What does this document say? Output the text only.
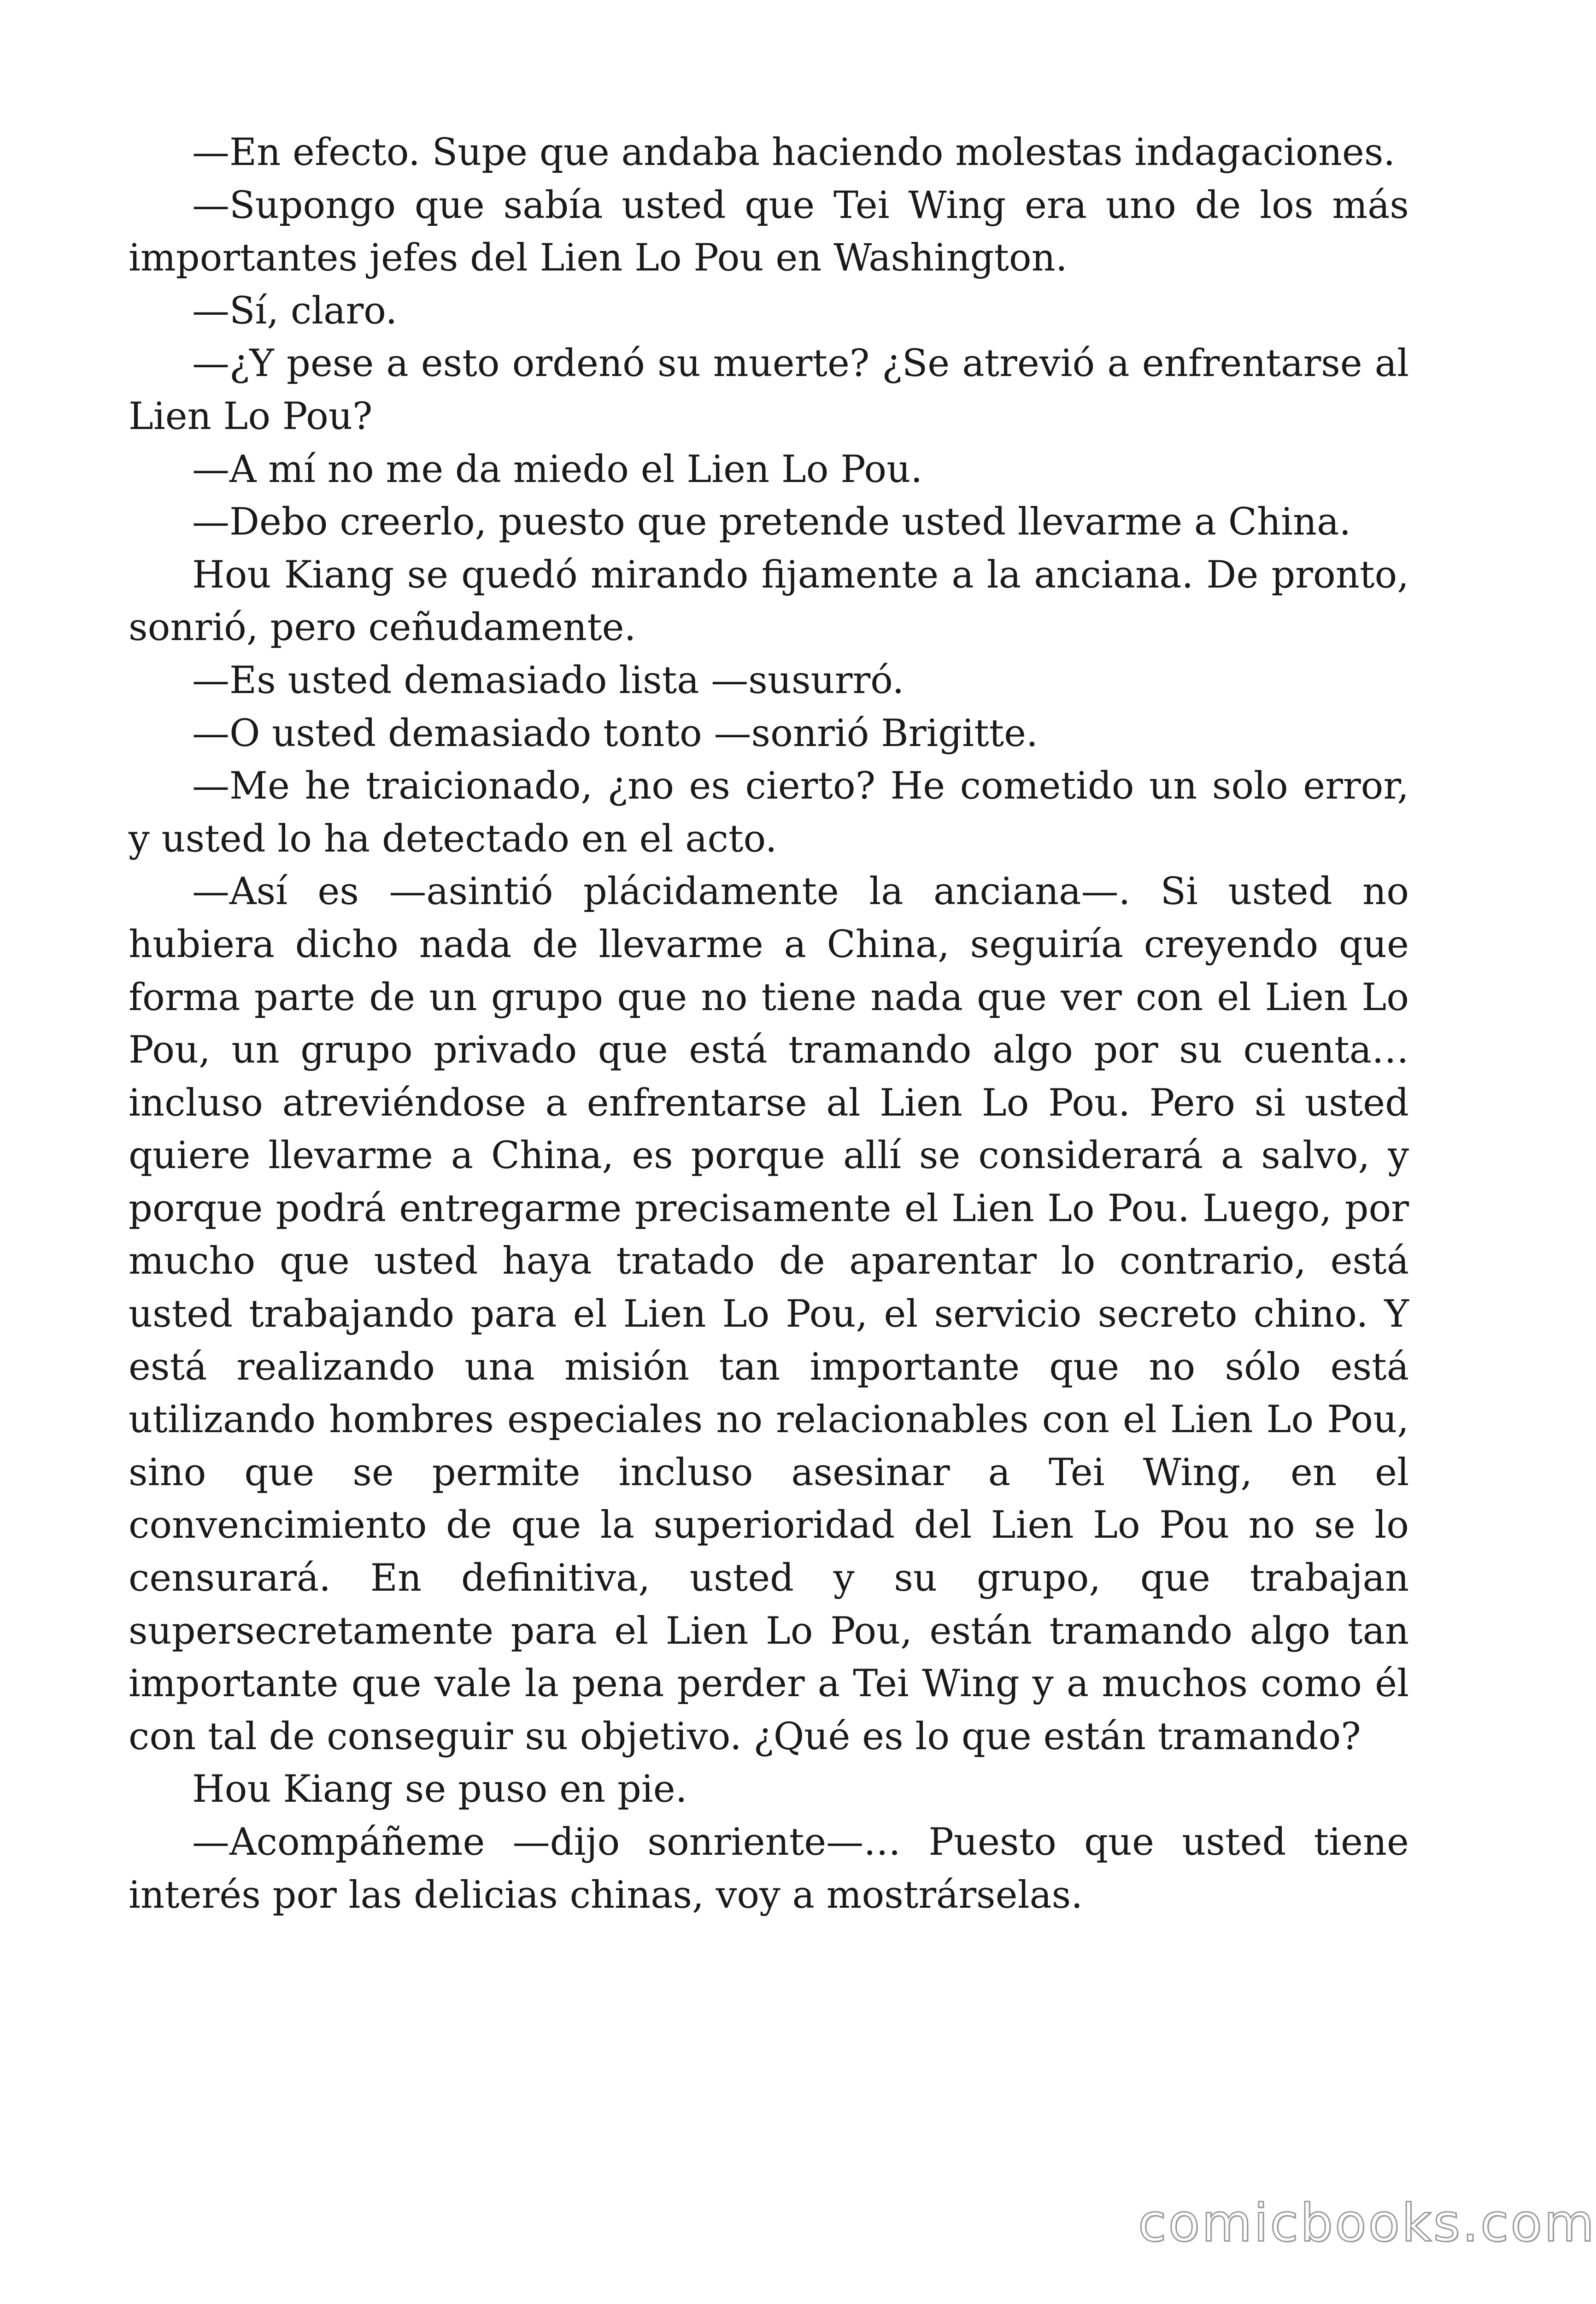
—En efecto. Supe que andaba haciendo molestas indagaciones.

—Supongo que sabía usted que Tei Wing era uno de los más importantes jefes del Lien Lo Pou en Washington.

—Sí, claro.

—¿Y pese a esto ordenó su muerte? ¿Se atrevió a enfrentarse al Lien Lo Pou?

—A mí no me da miedo el Lien Lo Pou.

—Debo creerlo, puesto que pretende usted llevarme a China.

Hou Kiang se quedó mirando fijamente a la anciana. De pronto, sonrió, pero ceñudamente.

—Es usted demasiado lista —susurró.

—O usted demasiado tonto —sonrió Brigitte.

—Me he traicionado, ¿no es cierto? He cometido un solo error, y usted lo ha detectado en el acto.

—Así es —asintió plácidamente la anciana—. Si usted no hubiera dicho nada de llevarme a China, seguiría creyendo que forma parte de un grupo que no tiene nada que ver con el Lien Lo Pou, un grupo privado que está tramando algo por su cuenta… incluso atreviéndose a enfrentarse al Lien Lo Pou. Pero si usted quiere llevarme a China, es porque allí se considerará a salvo, y porque podrá entregarme precisamente el Lien Lo Pou. Luego, por mucho que usted haya tratado de aparentar lo contrario, está usted trabajando para el Lien Lo Pou, el servicio secreto chino. Y está realizando una misión tan importante que no sólo está utilizando hombres especiales no relacionables con el Lien Lo Pou, sino que se permite incluso asesinar a Tei Wing, en el convencimiento de que la superioridad del Lien Lo Pou no se lo censurará. En definitiva, usted y su grupo, que trabajan supersecretamente para el Lien Lo Pou, están tramando algo tan importante que vale la pena perder a Tei Wing y a muchos como él con tal de conseguir su objetivo. ¿Qué es lo que están tramando?

Hou Kiang se puso en pie.

—Acompáñeme —dijo sonriente—… Puesto que usted tiene interés por las delicias chinas, voy a mostrárselas.

comicbooks.com
